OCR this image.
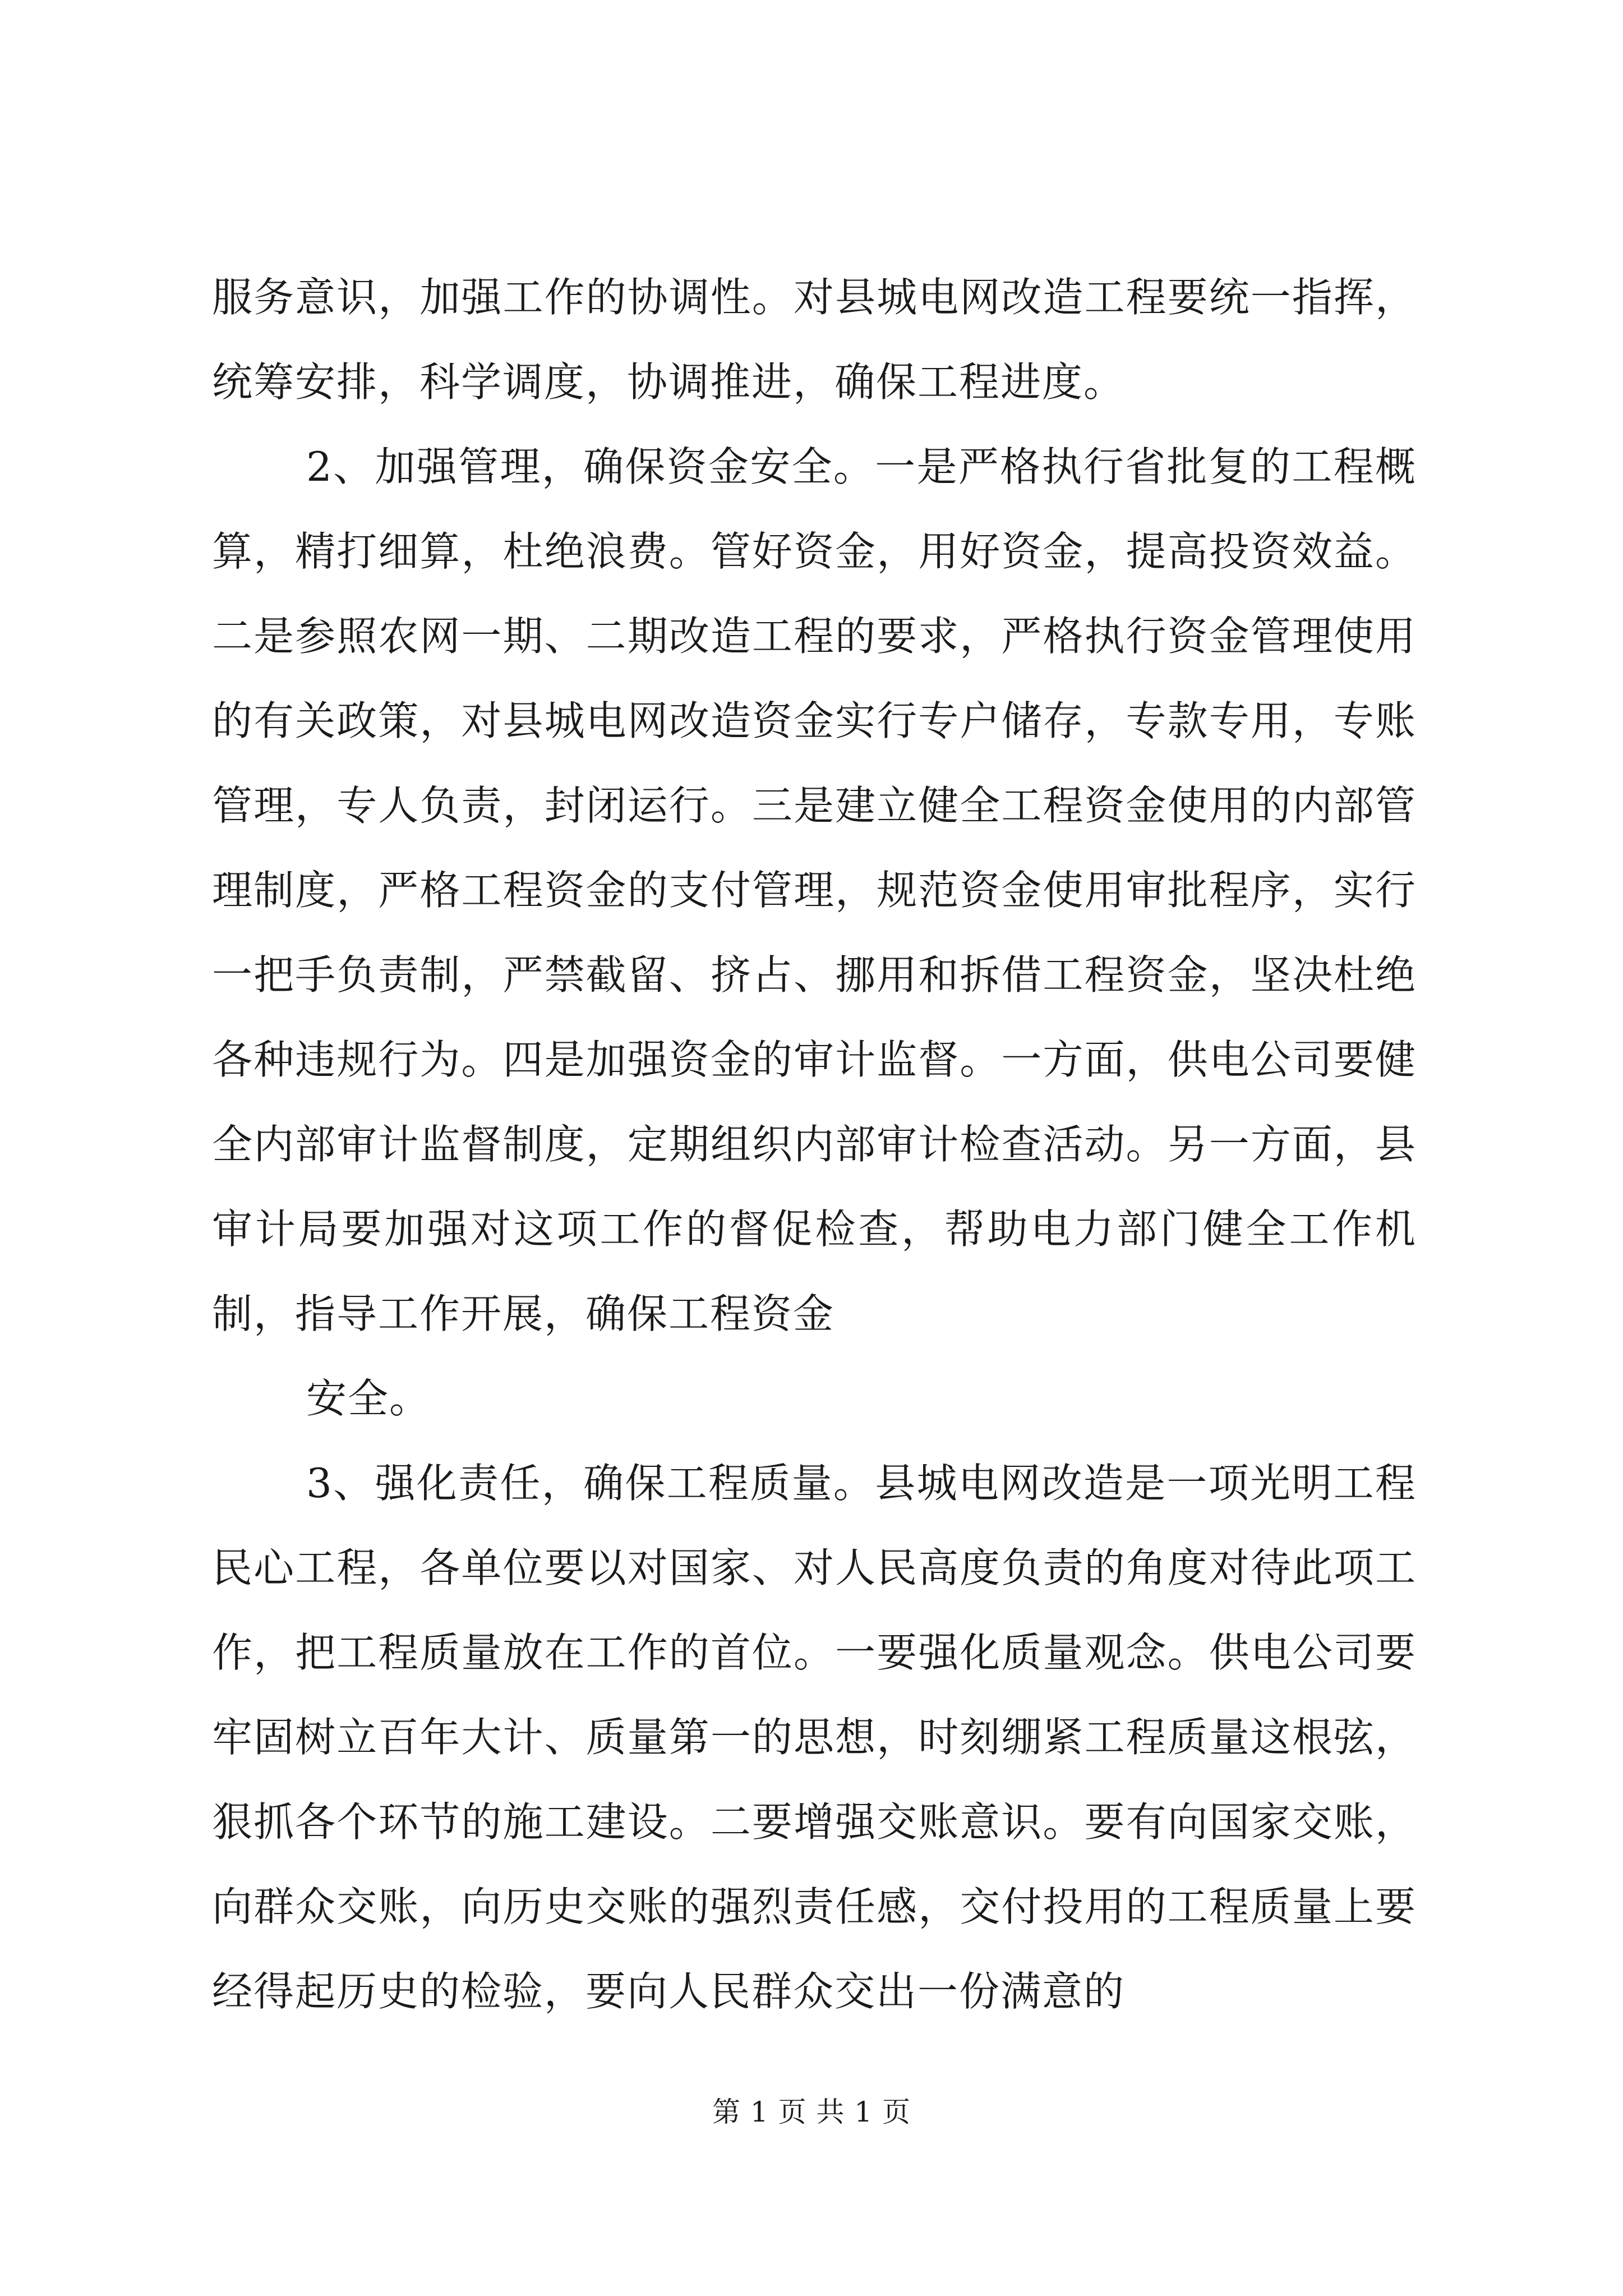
服务意识，加强工作的协调性。对县城电网改造工程要统一指挥，统筹安排，科学调度，协调推进，确保工程进度。

2、加强管理，确保资金安全。一是严格执行省批复的工程概算，精打细算，杜绝浪费。管好资金，用好资金，提高投资效益。二是参照农网一期、二期改造工程的要求，严格执行资金管理使用的有关政策，对县城电网改造资金实行专户储存，专款专用，专账管理，专人负责，封闭运行。三是建立健全工程资金使用的内部管理制度，严格工程资金的支付管理，规范资金使用审批程序，实行一把手负责制，严禁截留、挤占、挪用和拆借工程资金，坚决杜绝各种违规行为。四是加强资金的审计监督。一方面，供电公司要健全内部审计监督制度，定期组织内部审计检查活动。另一方面，县审计局要加强对这项工作的督促检查，帮助电力部门健全工作机制，指导工作开展，确保工程资金

安全。

3、强化责任，确保工程质量。县城电网改造是一项光明工程民心工程，各单位要以对国家、对人民高度负责的角度对待此项工作，把工程质量放在工作的首位。一要强化质量观念。供电公司要牢固树立百年大计、质量第一的思想，时刻绷紧工程质量这根弦，狠抓各个环节的施工建设。二要增强交账意识。要有向国家交账，向群众交账，向历史交账的强烈责任感，交付投用的工程质量上要经得起历史的检验，要向人民群众交出一份满意的

第 1 页 共 1 页
